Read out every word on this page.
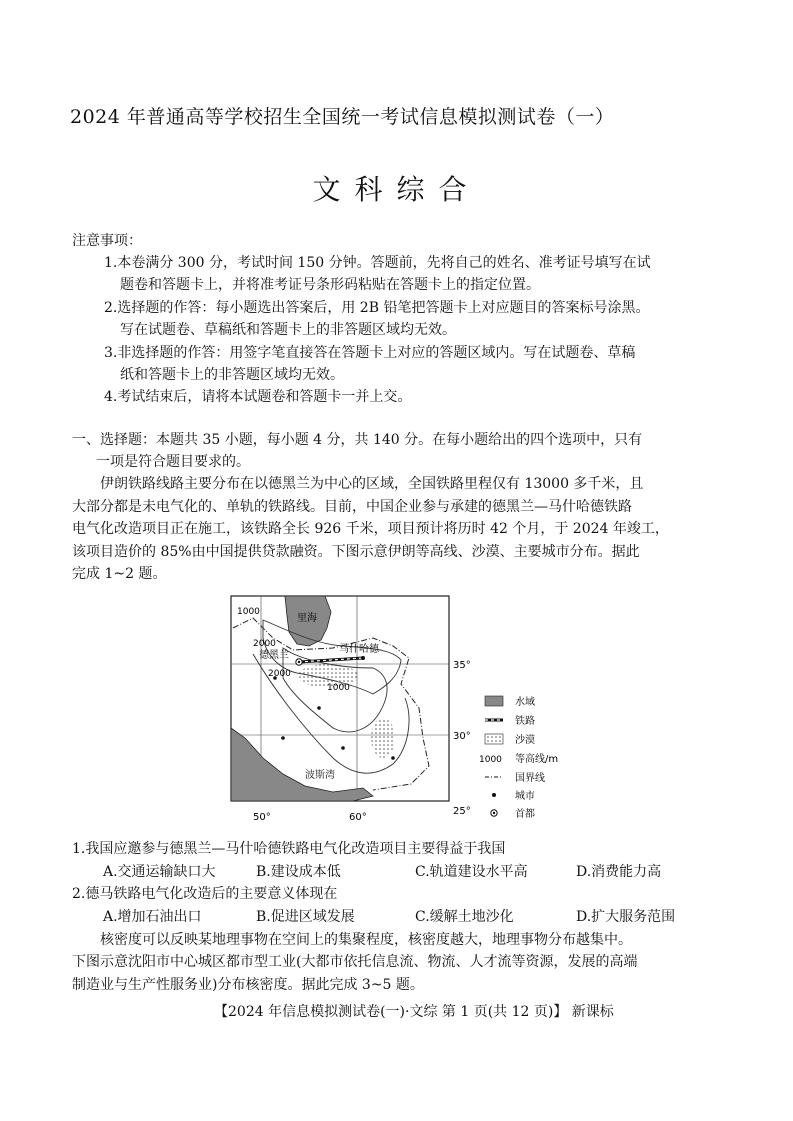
2024 年普通高等学校招生全国统一考试信息模拟测试卷（一）
文科综合
注意事项：
1.本卷满分 300 分，考试时间 150 分钟。答题前，先将自己的姓名、准考证号填写在试
题卷和答题卡上，并将准考证号条形码粘贴在答题卡上的指定位置。
2.选择题的作答：每小题选出答案后，用 2B 铅笔把答题卡上对应题目的答案标号涂黑。
写在试题卷、草稿纸和答题卡上的非答题区域均无效。
3.非选择题的作答：用签字笔直接答在答题卡上对应的答题区域内。写在试题卷、草稿
纸和答题卡上的非答题区域均无效。
4.考试结束后，请将本试题卷和答题卡一并上交。
一、选择题：本题共 35 小题，每小题 4 分，共 140 分。在每小题给出的四个选项中，只有
一项是符合题目要求的。
伊朗铁路线路主要分布在以德黑兰为中心的区域，全国铁路里程仅有 13000 多千米，且
大部分都是未电气化的、单轨的铁路线。目前，中国企业参与承建的德黑兰—马什哈德铁路
电气化改造项目正在施工，该铁路全长 926 千米，项目预计将历时 42 个月，于 2024 年竣工，
该项目造价的 85%由中国提供贷款融资。下图示意伊朗等高线、沙漠、主要城市分布。据此
完成 1~2 题。
里海
德黑兰
马什哈德
波斯湾
1000
2000
2000
1000
35°
30°
25°
50°	60°
水域
铁路
沙漠
1000 等高线/m
国界线
城市
首都
1.我国应邀参与德黑兰—马什哈德铁路电气化改造项目主要得益于我国
A.交通运输缺口大	B.建设成本低	C.轨道建设水平高	D.消费能力高
2.德马铁路电气化改造后的主要意义体现在
A.增加石油出口	B.促进区域发展	C.缓解土地沙化	D.扩大服务范围
核密度可以反映某地理事物在空间上的集聚程度，核密度越大，地理事物分布越集中。
下图示意沈阳市中心城区都市型工业(大都市依托信息流、物流、人才流等资源，发展的高端
制造业与生产性服务业)分布核密度。据此完成 3~5 题。
【2024 年信息模拟测试卷(一)·文综 第 1 页(共 12 页)】 新课标
